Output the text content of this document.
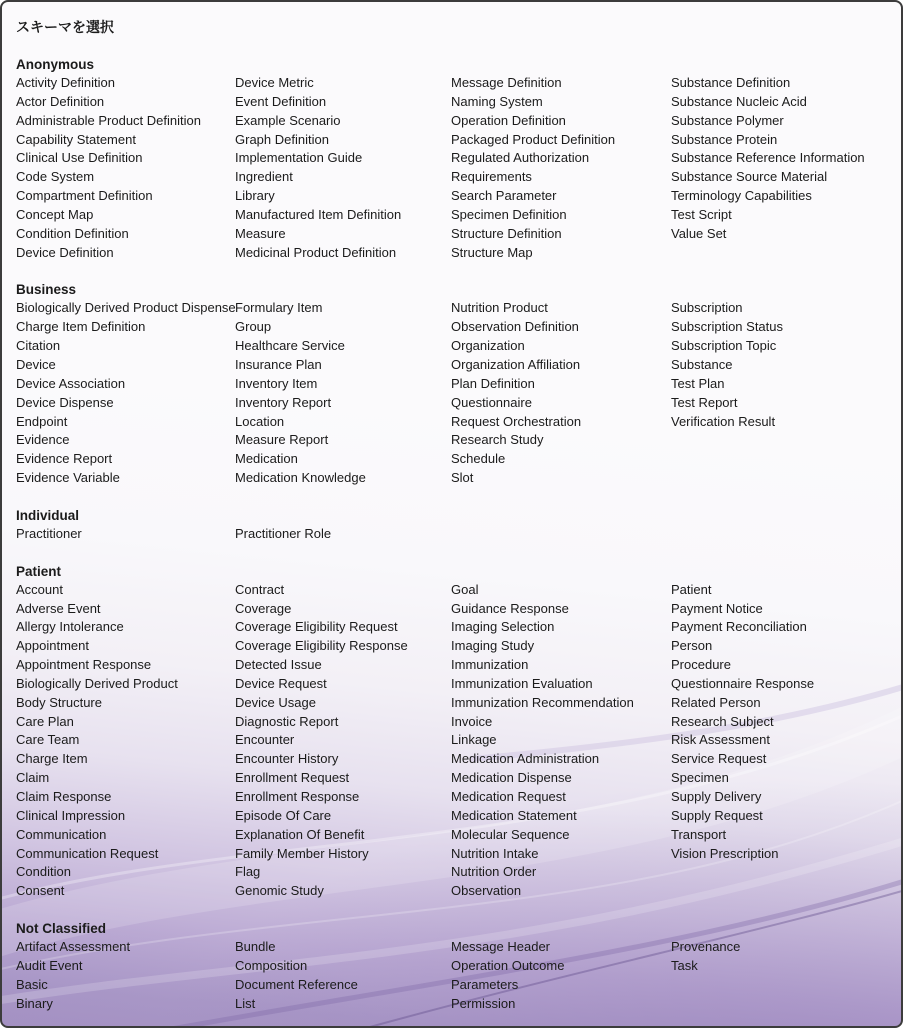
スキーマを選択
Anonymous
Activity Definition
Actor Definition
Administrable Product Definition
Capability Statement
Clinical Use Definition
Code System
Compartment Definition
Concept Map
Condition Definition
Device Definition
Device Metric
Event Definition
Example Scenario
Graph Definition
Implementation Guide
Ingredient
Library
Manufactured Item Definition
Measure
Medicinal Product Definition
Message Definition
Naming System
Operation Definition
Packaged Product Definition
Regulated Authorization
Requirements
Search Parameter
Specimen Definition
Structure Definition
Structure Map
Substance Definition
Substance Nucleic Acid
Substance Polymer
Substance Protein
Substance Reference Information
Substance Source Material
Terminology Capabilities
Test Script
Value Set
Business
Biologically Derived Product Dispense
Charge Item Definition
Citation
Device
Device Association
Device Dispense
Endpoint
Evidence
Evidence Report
Evidence Variable
Formulary Item
Group
Healthcare Service
Insurance Plan
Inventory Item
Inventory Report
Location
Measure Report
Medication
Medication Knowledge
Nutrition Product
Observation Definition
Organization
Organization Affiliation
Plan Definition
Questionnaire
Request Orchestration
Research Study
Schedule
Slot
Subscription
Subscription Status
Subscription Topic
Substance
Test Plan
Test Report
Verification Result
Individual
Practitioner	Practitioner Role
Patient
Account
Adverse Event
Allergy Intolerance
Appointment
Appointment Response
Biologically Derived Product
Body Structure
Care Plan
Care Team
Charge Item
Claim
Claim Response
Clinical Impression
Communication
Communication Request
Condition
Consent
Contract
Coverage
Coverage Eligibility Request
Coverage Eligibility Response
Detected Issue
Device Request
Device Usage
Diagnostic Report
Encounter
Encounter History
Enrollment Request
Enrollment Response
Episode Of Care
Explanation Of Benefit
Family Member History
Flag
Genomic Study
Goal
Guidance Response
Imaging Selection
Imaging Study
Immunization
Immunization Evaluation
Immunization Recommendation
Invoice
Linkage
Medication Administration
Medication Dispense
Medication Request
Medication Statement
Molecular Sequence
Nutrition Intake
Nutrition Order
Observation
Patient
Payment Notice
Payment Reconciliation
Person
Procedure
Questionnaire Response
Related Person
Research Subject
Risk Assessment
Service Request
Specimen
Supply Delivery
Supply Request
Transport
Vision Prescription
Not Classified
Artifact Assessment
Audit Event
Basic
Binary
Bundle
Composition
Document Reference
List
Message Header
Operation Outcome
Parameters
Permission
Provenance
Task
